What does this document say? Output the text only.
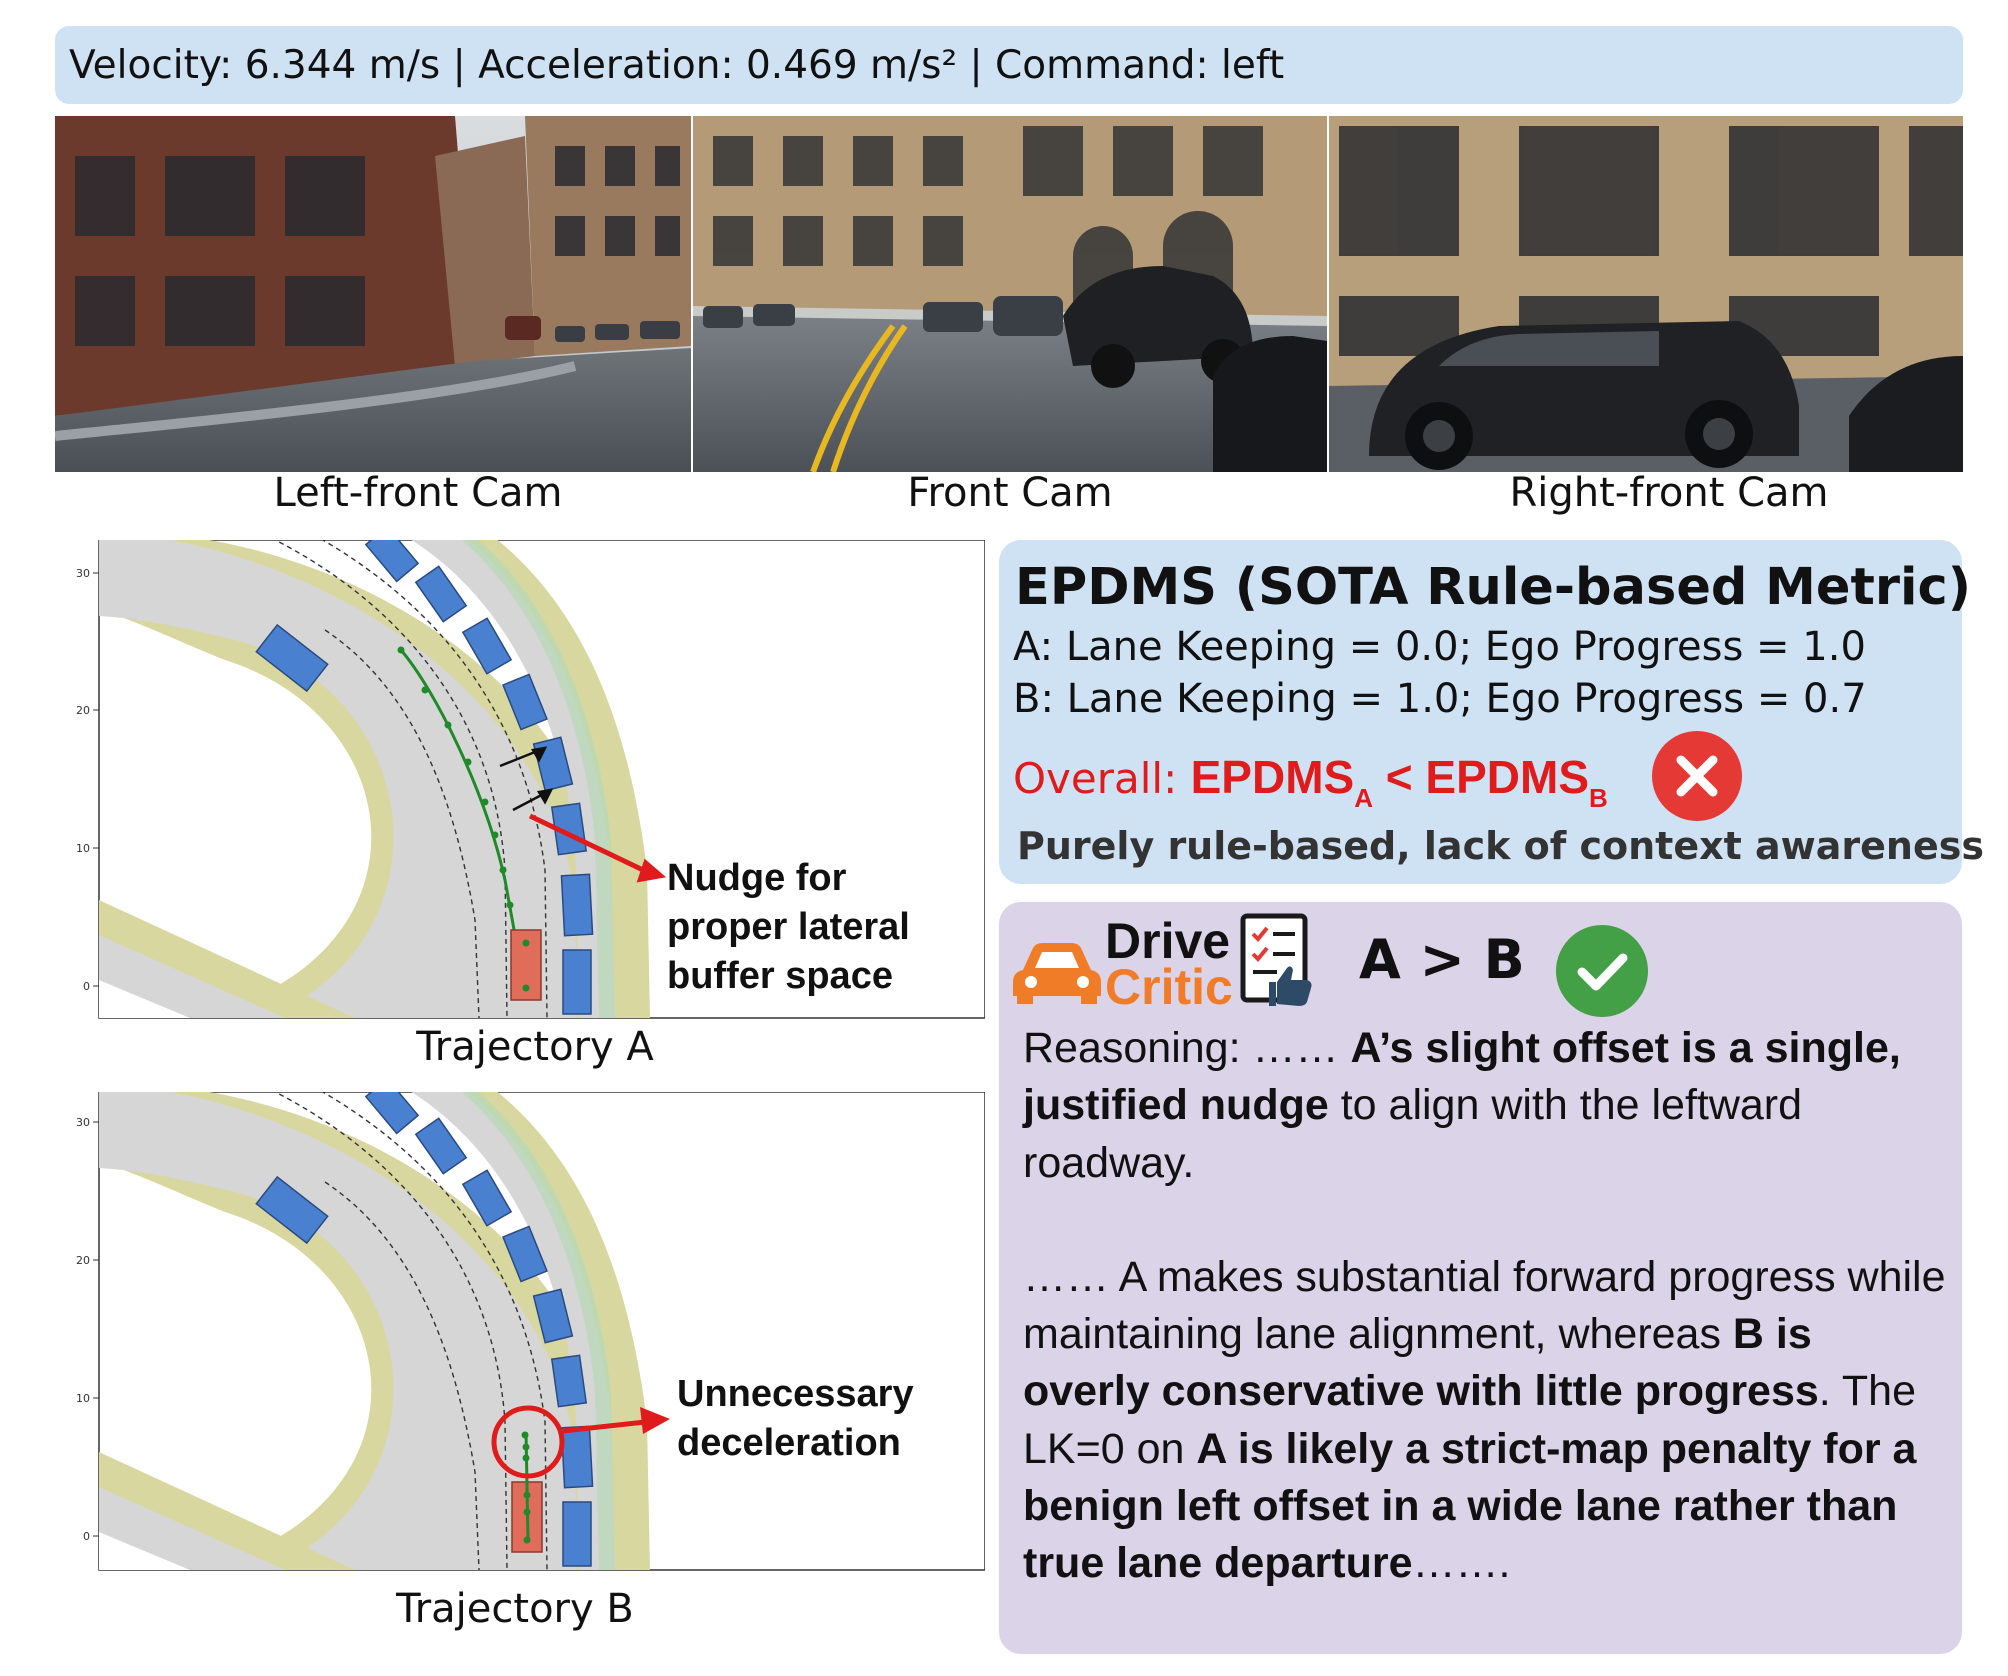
Velocity: 6.344 m/s | Acceleration: 0.469 m/s² | Command: left
Left-front Cam	Front Cam	Right-front Cam
30
20
10
0
Nudge for
proper lateral
buffer space
Trajectory A
30
20
10
0
Unnecessary
deceleration
Trajectory B
EPDMS (SOTA Rule-based Metric)
A: Lane Keeping = 0.0; Ego Progress = 1.0
B: Lane Keeping = 1.0; Ego Progress = 0.7
Overall: $EPDMS_A$ < $EPDMS_B$
Purely rule-based, lack of context awareness
Drive
Critic A > B

Reasoning: …… A’s slight offset is a single, justified nudge to align with the leftward roadway.

…… A makes substantial forward progress while maintaining lane alignment, whereas B is overly conservative with little progress. The LK=0 on A is likely a strict-map penalty for a benign left offset in a wide lane rather than true lane departure…….
